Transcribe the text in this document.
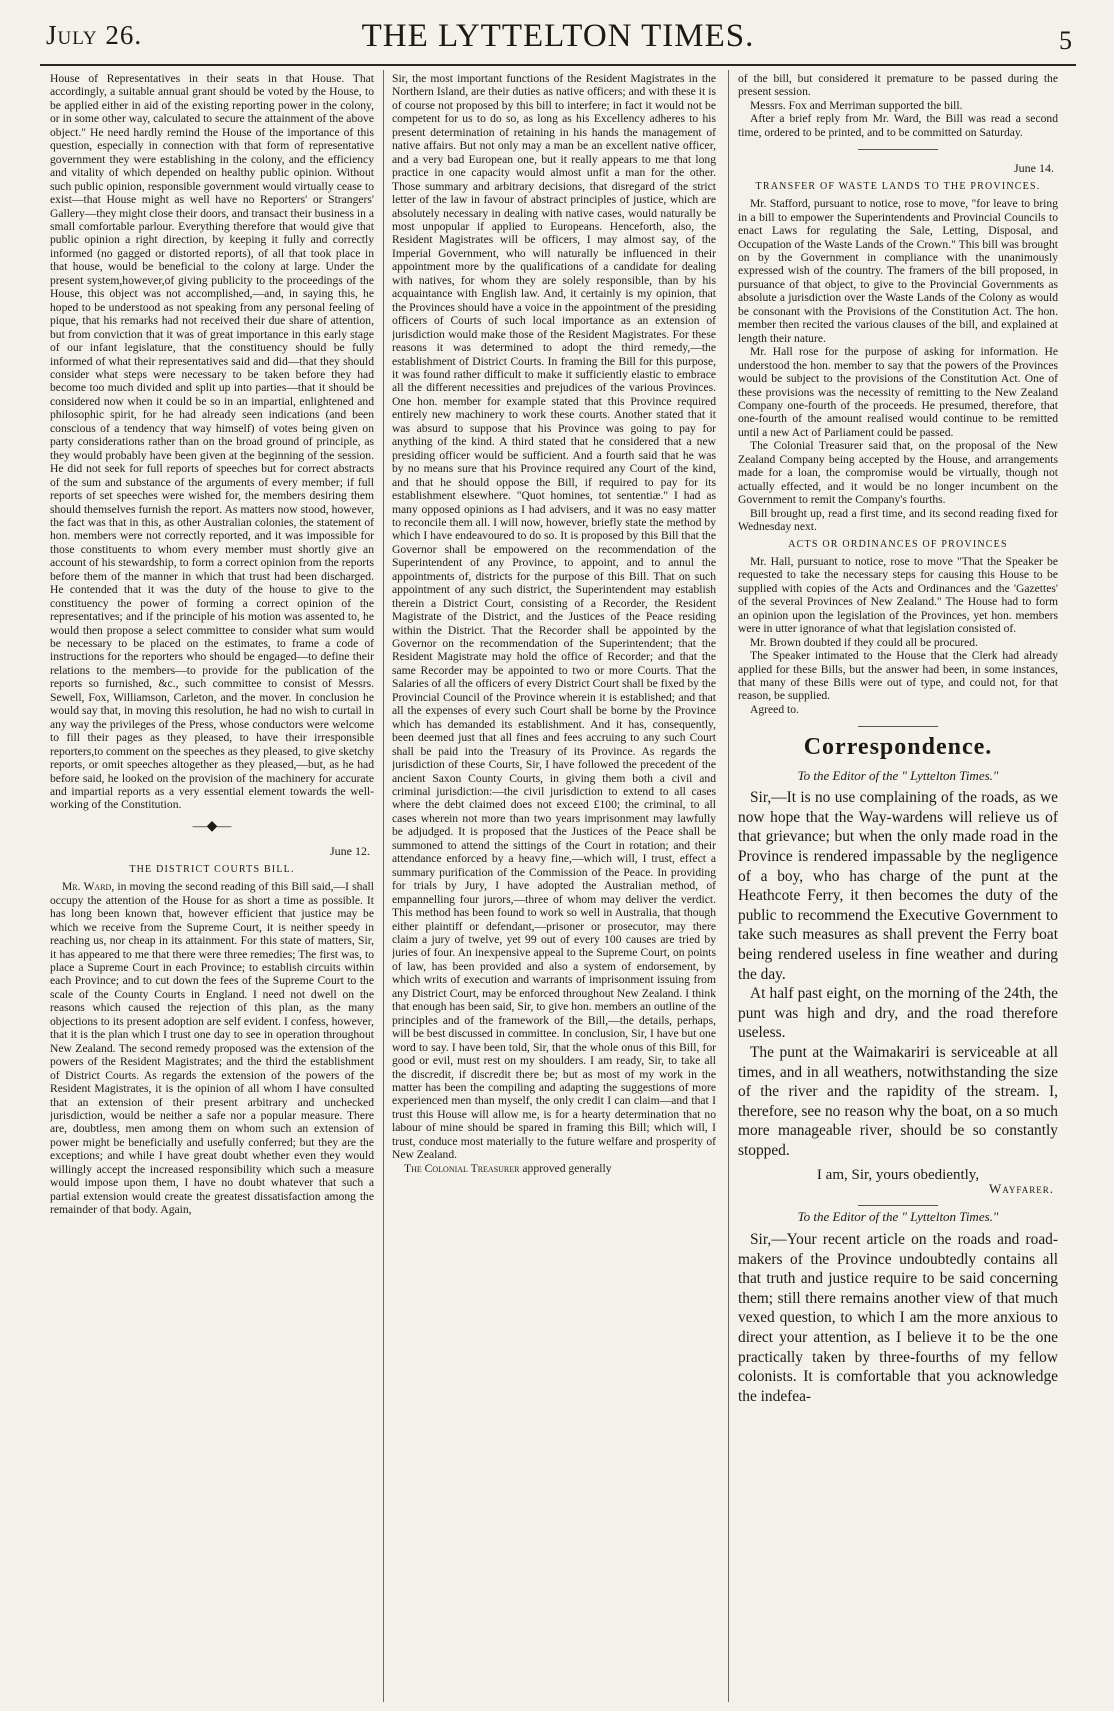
July 26.	THE LYTTELTON TIMES.	5

House of Representatives in their seats in that House. That accordingly, a suitable annual grant should be voted by the House, to be applied either in aid of the existing reporting power in the colony, or in some other way, calculated to secure the attainment of the above object." He need hardly remind the House of the importance of this question, especially in connection with that form of representative government they were establishing in the colony, and the efficiency and vitality of which depended on healthy public opinion. Without such public opinion, responsible government would virtually cease to exist—that House might as well have no Reporters' or Strangers' Gallery—they might close their doors, and transact their business in a small comfortable parlour. Everything therefore that would give that public opinion a right direction, by keeping it fully and correctly informed (no gagged or distorted reports), of all that took place in that house, would be beneficial to the colony at large. Under the present system,however,of giving publicity to the proceedings of the House, this object was not accomplished,—and, in saying this, he hoped to be understood as not speaking from any personal feeling of pique, that his remarks had not received their due share of attention, but from conviction that it was of great importance in this early stage of our infant legislature, that the constituency should be fully informed of what their representatives said and did—that they should consider what steps were necessary to be taken before they had become too much divided and split up into parties—that it should be considered now when it could be so in an impartial, enlightened and philosophic spirit, for he had already seen indications (and been conscious of a tendency that way himself) of votes being given on party considerations rather than on the broad ground of principle, as they would probably have been given at the beginning of the session. He did not seek for full reports of speeches but for correct abstracts of the sum and substance of the arguments of every member; if full reports of set speeches were wished for, the members desiring them should themselves furnish the report. As matters now stood, however, the fact was that in this, as other Australian colonies, the statement of hon. members were not correctly reported, and it was impossible for those constituents to whom every member must shortly give an account of his stewardship, to form a correct opinion from the reports before them of the manner in which that trust had been discharged. He contended that it was the duty of the house to give to the constituency the power of forming a correct opinion of the representatives; and if the principle of his motion was assented to, he would then propose a select committee to consider what sum would be necessary to be placed on the estimates, to frame a code of instructions for the reporters who should be engaged—to define their relations to the members—to provide for the publication of the reports so furnished, &c., such committee to consist of Messrs. Sewell, Fox, Williamson, Carleton, and the mover. In conclusion he would say that, in moving this resolution, he had no wish to curtail in any way the privileges of the Press, whose conductors were welcome to fill their pages as they pleased, to have their irresponsible reporters,to comment on the speeches as they pleased, to give sketchy reports, or omit speeches altogether as they pleased,—but, as he had before said, he looked on the provision of the machinery for accurate and impartial reports as a very essential element towards the well-working of the Constitution.

—◆—
June 12.
THE DISTRICT COURTS BILL.

Mr. Ward, in moving the second reading of this Bill said,—I shall occupy the attention of the House for as short a time as possible. It has long been known that, however efficient that justice may be which we receive from the Supreme Court, it is neither speedy in reaching us, nor cheap in its attainment. For this state of matters, Sir, it has appeared to me that there were three remedies; The first was, to place a Supreme Court in each Province; to establish circuits within each Province; and to cut down the fees of the Supreme Court to the scale of the County Courts in England. I need not dwell on the reasons which caused the rejection of this plan, as the many objections to its present adoption are self evident. I confess, however, that it is the plan which I trust one day to see in operation throughout New Zealand. The second remedy proposed was the extension of the powers of the Resident Magistrates; and the third the establishment of District Courts. As regards the extension of the powers of the Resident Magistrates, it is the opinion of all whom I have consulted that an extension of their present arbitrary and unchecked jurisdiction, would be neither a safe nor a popular measure. There are, doubtless, men among them on whom such an extension of power might be beneficially and usefully conferred; but they are the exceptions; and while I have great doubt whether even they would willingly accept the increased responsibility which such a measure would impose upon them, I have no doubt whatever that such a partial extension would create the greatest dissatisfaction among the remainder of that body. Again,

Sir, the most important functions of the Resident Magistrates in the Northern Island, are their duties as native officers; and with these it is of course not proposed by this bill to interfere; in fact it would not be competent for us to do so, as long as his Excellency adheres to his present determination of retaining in his hands the management of native affairs. But not only may a man be an excellent native officer, and a very bad European one, but it really appears to me that long practice in one capacity would almost unfit a man for the other. Those summary and arbitrary decisions, that disregard of the strict letter of the law in favour of abstract principles of justice, which are absolutely necessary in dealing with native cases, would naturally be most unpopular if applied to Europeans. Henceforth, also, the Resident Magistrates will be officers, I may almost say, of the Imperial Government, who will naturally be influenced in their appointment more by the qualifications of a candidate for dealing with natives, for whom they are solely responsible, than by his acquaintance with English law. And, it certainly is my opinion, that the Provinces should have a voice in the appointment of the presiding officers of Courts of such local importance as an extension of jurisdiction would make those of the Resident Magistrates. For these reasons it was determined to adopt the third remedy,—the establishment of District Courts. In framing the Bill for this purpose, it was found rather difficult to make it sufficiently elastic to embrace all the different necessities and prejudices of the various Provinces. One hon. member for example stated that this Province required entirely new machinery to work these courts. Another stated that it was absurd to suppose that his Province was going to pay for anything of the kind. A third stated that he considered that a new presiding officer would be sufficient. And a fourth said that he was by no means sure that his Province required any Court of the kind, and that he should oppose the Bill, if required to pay for its establishment elsewhere. "Quot homines, tot sententiæ." I had as many opposed opinions as I had advisers, and it was no easy matter to reconcile them all. I will now, however, briefly state the method by which I have endeavoured to do so. It is proposed by this Bill that the Governor shall be empowered on the recommendation of the Superintendent of any Province, to appoint, and to annul the appointments of, districts for the purpose of this Bill. That on such appointment of any such district, the Superintendent may establish therein a District Court, consisting of a Recorder, the Resident Magistrate of the District, and the Justices of the Peace residing within the District. That the Recorder shall be appointed by the Governor on the recommendation of the Superintendent; that the Resident Magistrate may hold the office of Recorder; and that the same Recorder may be appointed to two or more Courts. That the Salaries of all the officers of every District Court shall be fixed by the Provincial Council of the Province wherein it is established; and that all the expenses of every such Court shall be borne by the Province which has demanded its establishment. And it has, consequently, been deemed just that all fines and fees accruing to any such Court shall be paid into the Treasury of its Province. As regards the jurisdiction of these Courts, Sir, I have followed the precedent of the ancient Saxon County Courts, in giving them both a civil and criminal jurisdiction:—the civil jurisdiction to extend to all cases where the debt claimed does not exceed £100; the criminal, to all cases wherein not more than two years imprisonment may lawfully be adjudged. It is proposed that the Justices of the Peace shall be summoned to attend the sittings of the Court in rotation; and their attendance enforced by a heavy fine,—which will, I trust, effect a summary purification of the Commission of the Peace. In providing for trials by Jury, I have adopted the Australian method, of empannelling four jurors,—three of whom may deliver the verdict. This method has been found to work so well in Australia, that though either plaintiff or defendant,—prisoner or prosecutor, may there claim a jury of twelve, yet 99 out of every 100 causes are tried by juries of four. An inexpensive appeal to the Supreme Court, on points of law, has been provided and also a system of endorsement, by which writs of execution and warrants of imprisonment issuing from any District Court, may be enforced throughout New Zealand. I think that enough has been said, Sir, to give hon. members an outline of the principles and of the framework of the Bill,—the details, perhaps, will be best discussed in committee. In conclusion, Sir, I have but one word to say. I have been told, Sir, that the whole onus of this Bill, for good or evil, must rest on my shoulders. I am ready, Sir, to take all the discredit, if discredit there be; but as most of my work in the matter has been the compiling and adapting the suggestions of more experienced men than myself, the only credit I can claim—and that I trust this House will allow me, is for a hearty determination that no labour of mine should be spared in framing this Bill; which will, I trust, conduce most materially to the future welfare and prosperity of New Zealand.

The Colonial Treasurer approved generally

of the bill, but considered it premature to be passed during the present session.

Messrs. Fox and Merriman supported the bill.

After a brief reply from Mr. Ward, the Bill was read a second time, ordered to be printed, and to be committed on Saturday.

June 14.
TRANSFER OF WASTE LANDS TO THE PROVINCES.

Mr. Stafford, pursuant to notice, rose to move, "for leave to bring in a bill to empower the Superintendents and Provincial Councils to enact Laws for regulating the Sale, Letting, Disposal, and Occupation of the Waste Lands of the Crown." This bill was brought on by the Government in compliance with the unanimously expressed wish of the country. The framers of the bill proposed, in pursuance of that object, to give to the Provincial Governments as absolute a jurisdiction over the Waste Lands of the Colony as would be consonant with the Provisions of the Constitution Act. The hon. member then recited the various clauses of the bill, and explained at length their nature.

Mr. Hall rose for the purpose of asking for information. He understood the hon. member to say that the powers of the Provinces would be subject to the provisions of the Constitution Act. One of these provisions was the necessity of remitting to the New Zealand Company one-fourth of the proceeds. He presumed, therefore, that one-fourth of the amount realised would continue to be remitted until a new Act of Parliament could be passed.

The Colonial Treasurer said that, on the proposal of the New Zealand Company being accepted by the House, and arrangements made for a loan, the compromise would be virtually, though not actually effected, and it would be no longer incumbent on the Government to remit the Company's fourths.

Bill brought up, read a first time, and its second reading fixed for Wednesday next.

ACTS OR ORDINANCES OF PROVINCES

Mr. Hall, pursuant to notice, rose to move "That the Speaker be requested to take the necessary steps for causing this House to be supplied with copies of the Acts and Ordinances and the 'Gazettes' of the several Provinces of New Zealand." The House had to form an opinion upon the legislation of the Provinces, yet hon. members were in utter ignorance of what that legislation consisted of.

Mr. Brown doubted if they could all be procured.

The Speaker intimated to the House that the Clerk had already applied for these Bills, but the answer had been, in some instances, that many of these Bills were out of type, and could not, for that reason, be supplied.

Agreed to.

Correspondence.
To the Editor of the " Lyttelton Times."

Sir,—It is no use complaining of the roads, as we now hope that the Way-wardens will relieve us of that grievance; but when the only made road in the Province is rendered impassable by the negligence of a boy, who has charge of the punt at the Heathcote Ferry, it then becomes the duty of the public to recommend the Executive Government to take such measures as shall prevent the Ferry boat being rendered useless in fine weather and during the day.

At half past eight, on the morning of the 24th, the punt was high and dry, and the road therefore useless.

The punt at the Waimakariri is serviceable at all times, and in all weathers, notwithstanding the size of the river and the rapidity of the stream. I, therefore, see no reason why the boat, on a so much more manageable river, should be so constantly stopped.

I am, Sir, yours obediently,
Wayfarer.
To the Editor of the " Lyttelton Times."

Sir,—Your recent article on the roads and road-makers of the Province undoubtedly contains all that truth and justice require to be said concerning them; still there remains another view of that much vexed question, to which I am the more anxious to direct your attention, as I believe it to be the one practically taken by three-fourths of my fellow colonists. It is comfortable that you acknowledge the indefea-
